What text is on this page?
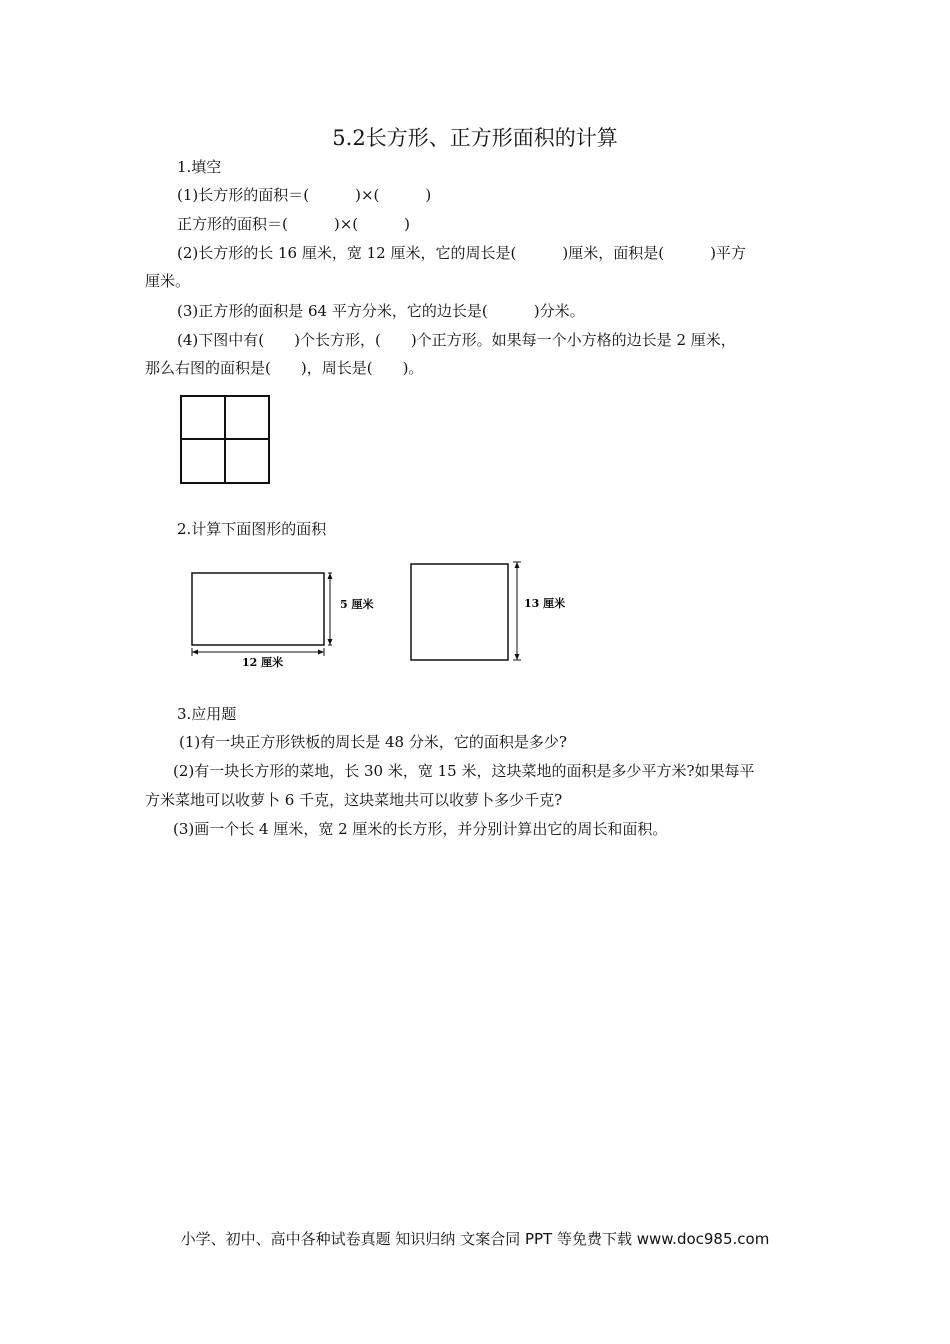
5.2长方形、正方形面积的计算
1.填空
(1)长方形的面积＝(	)×(	)
正方形的面积＝(	)×(	)
(2)长方形的长 16 厘米，宽 12 厘米，它的周长是(	)厘米，面积是(	)平方
厘米。
(3)正方形的面积是 64 平方分米，它的边长是(	)分米。
(4)下图中有( )个长方形，( )个正方形。如果每一个小方格的边长是 2 厘米，
那么右图的面积是( )，周长是( )。
2.计算下面图形的面积
5 厘米
12 厘米
13 厘米
3.应用题
(1)有一块正方形铁板的周长是 48 分米，它的面积是多少?
(2)有一块长方形的菜地，长 30 米，宽 15 米，这块菜地的面积是多少平方米?如果每平
方米菜地可以收萝卜 6 千克，这块菜地共可以收萝卜多少千克?
(3)画一个长 4 厘米，宽 2 厘米的长方形，并分别计算出它的周长和面积。
小学、初中、高中各种试卷真题 知识归纳 文案合同 PPT 等免费下载 www.doc985.com
